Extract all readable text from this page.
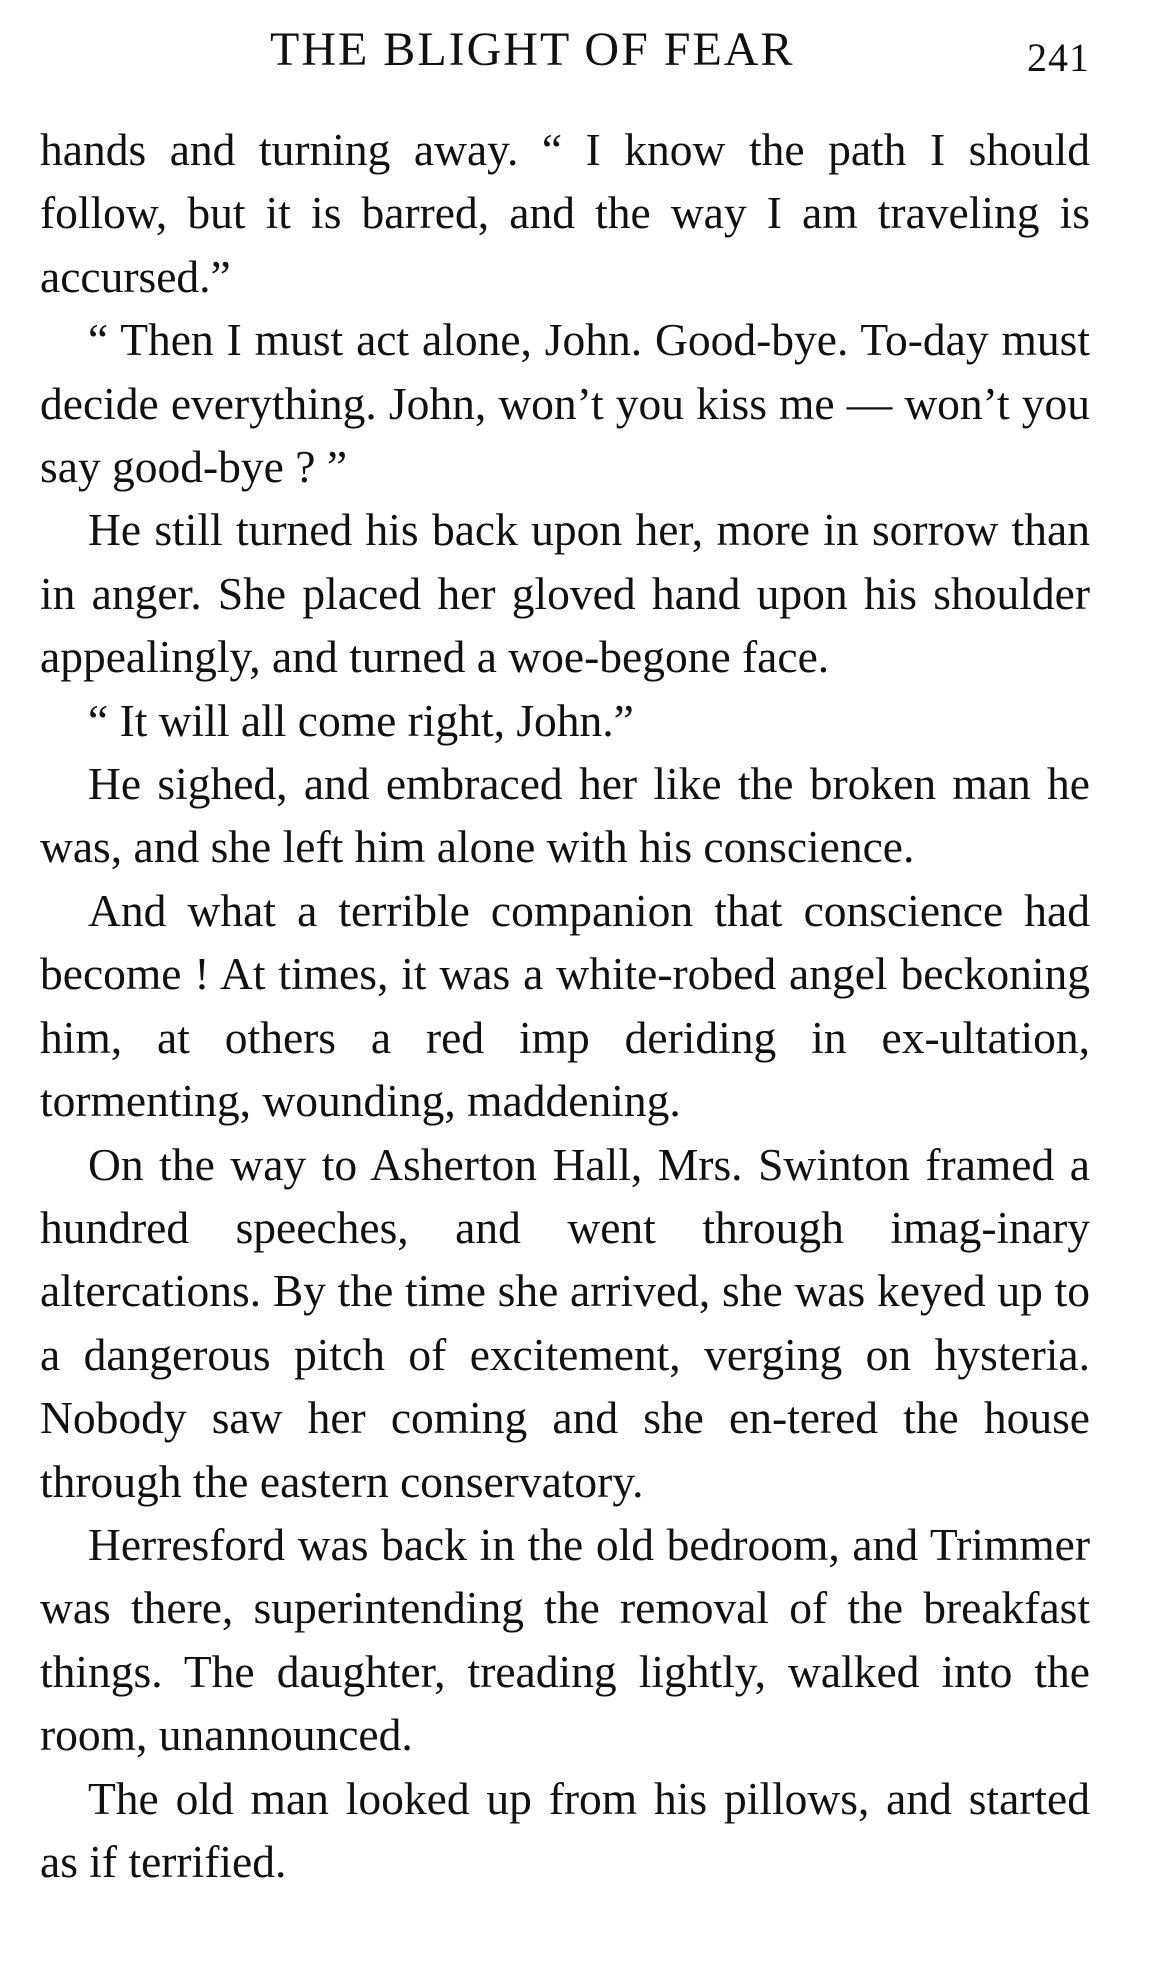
THE BLIGHT OF FEAR	241

hands and turning away. “ I know the path I should follow, but it is barred, and the way I am traveling is accursed.”

“ Then I must act alone, John. Good-bye. To-day must decide everything. John, won’t you kiss me — won’t you say good-bye ? ”

He still turned his back upon her, more in sorrow than in anger. She placed her gloved hand upon his shoulder appealingly, and turned a woe-begone face.

“ It will all come right, John.”

He sighed, and embraced her like the broken man he was, and she left him alone with his conscience.

And what a terrible companion that conscience had become ! At times, it was a white-robed angel beckoning him, at others a red imp deriding in ex-ultation, tormenting, wounding, maddening.

On the way to Asherton Hall, Mrs. Swinton framed a hundred speeches, and went through imag-inary altercations. By the time she arrived, she was keyed up to a dangerous pitch of excitement, verging on hysteria. Nobody saw her coming and she en-tered the house through the eastern conservatory.

Herresford was back in the old bedroom, and Trimmer was there, superintending the removal of the breakfast things. The daughter, treading lightly, walked into the room, unannounced.

The old man looked up from his pillows, and started as if terrified.
